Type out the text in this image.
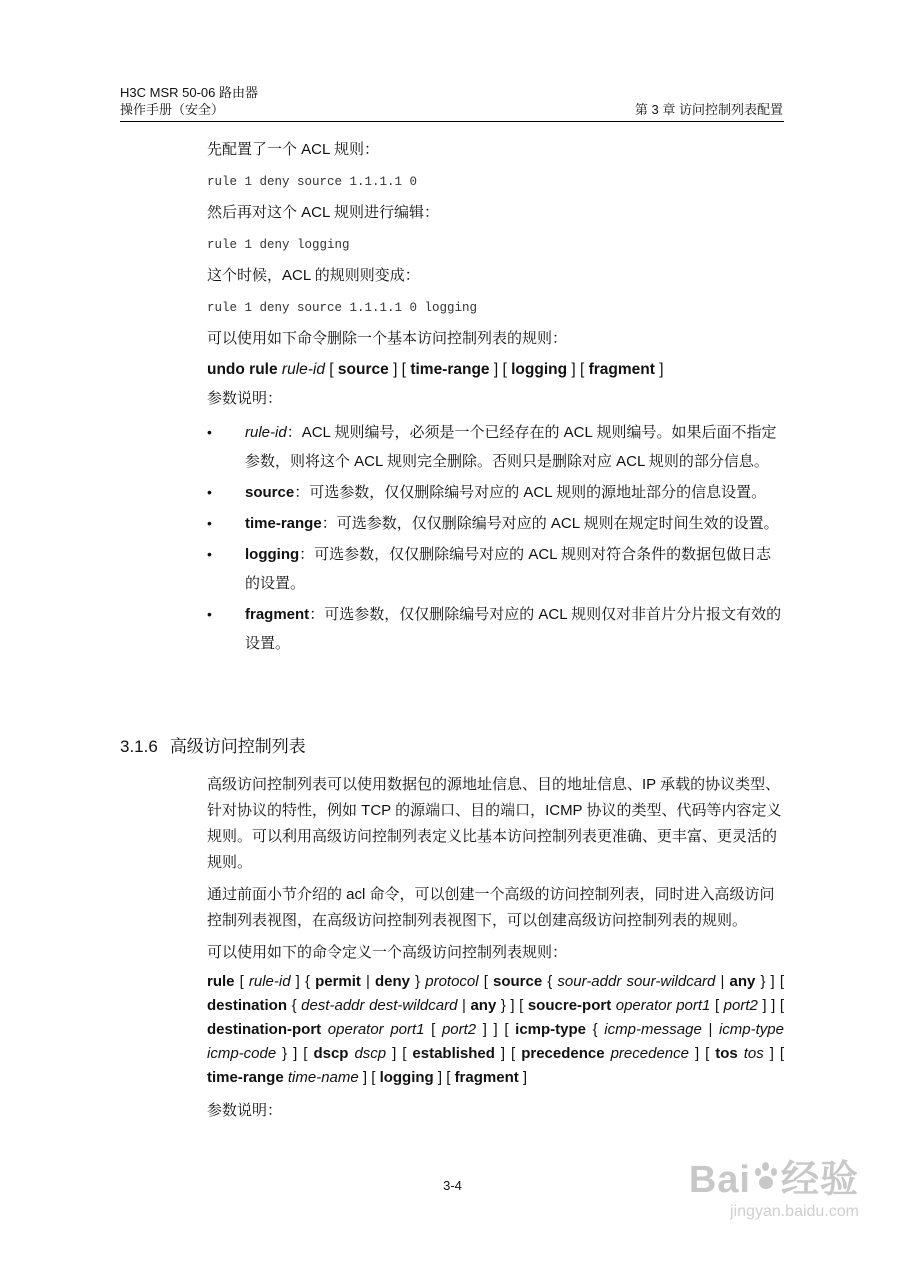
H3C MSR 50-06 路由器
操作手册（安全）	第 3 章 访问控制列表配置

先配置了一个 ACL 规则：

rule 1 deny source 1.1.1.1 0

然后再对这个 ACL 规则进行编辑：

rule 1 deny logging

这个时候，ACL 的规则则变成：

rule 1 deny source 1.1.1.1 0 logging

可以使用如下命令删除一个基本访问控制列表的规则：

undo rule rule-id [ source ] [ time-range ] [ logging ] [ fragment ]

参数说明：

• rule-id：ACL 规则编号，必须是一个已经存在的 ACL 规则编号。如果后面不指定参数，则将这个 ACL 规则完全删除。否则只是删除对应 ACL 规则的部分信息。
• source：可选参数，仅仅删除编号对应的 ACL 规则的源地址部分的信息设置。
• time-range：可选参数，仅仅删除编号对应的 ACL 规则在规定时间生效的设置。
• logging：可选参数，仅仅删除编号对应的 ACL 规则对符合条件的数据包做日志的设置。
• fragment：可选参数，仅仅删除编号对应的 ACL 规则仅对非首片分片报文有效的设置。
3.1.6 高级访问控制列表

高级访问控制列表可以使用数据包的源地址信息、目的地址信息、IP 承载的协议类型、针对协议的特性，例如 TCP 的源端口、目的端口，ICMP 协议的类型、代码等内容定义规则。可以利用高级访问控制列表定义比基本访问控制列表更准确、更丰富、更灵活的规则。

通过前面小节介绍的 acl 命令，可以创建一个高级的访问控制列表，同时进入高级访问控制列表视图，在高级访问控制列表视图下，可以创建高级访问控制列表的规则。

可以使用如下的命令定义一个高级访问控制列表规则：

rule [ rule-id ] { permit | deny } protocol [ source { sour-addr sour-wildcard | any } ] [ destination { dest-addr dest-wildcard | any } ] [ soucre-port operator port1 [ port2 ] ] [ destination-port operator port1 [ port2 ] ] [ icmp-type { icmp-message | icmp-type icmp-code } ] [ dscp dscp ] [ established ] [ precedence precedence ] [ tos tos ] [ time-range time-name ] [ logging ] [ fragment ]

参数说明：

3-4	Bai 经验
jingyan.baidu.com
